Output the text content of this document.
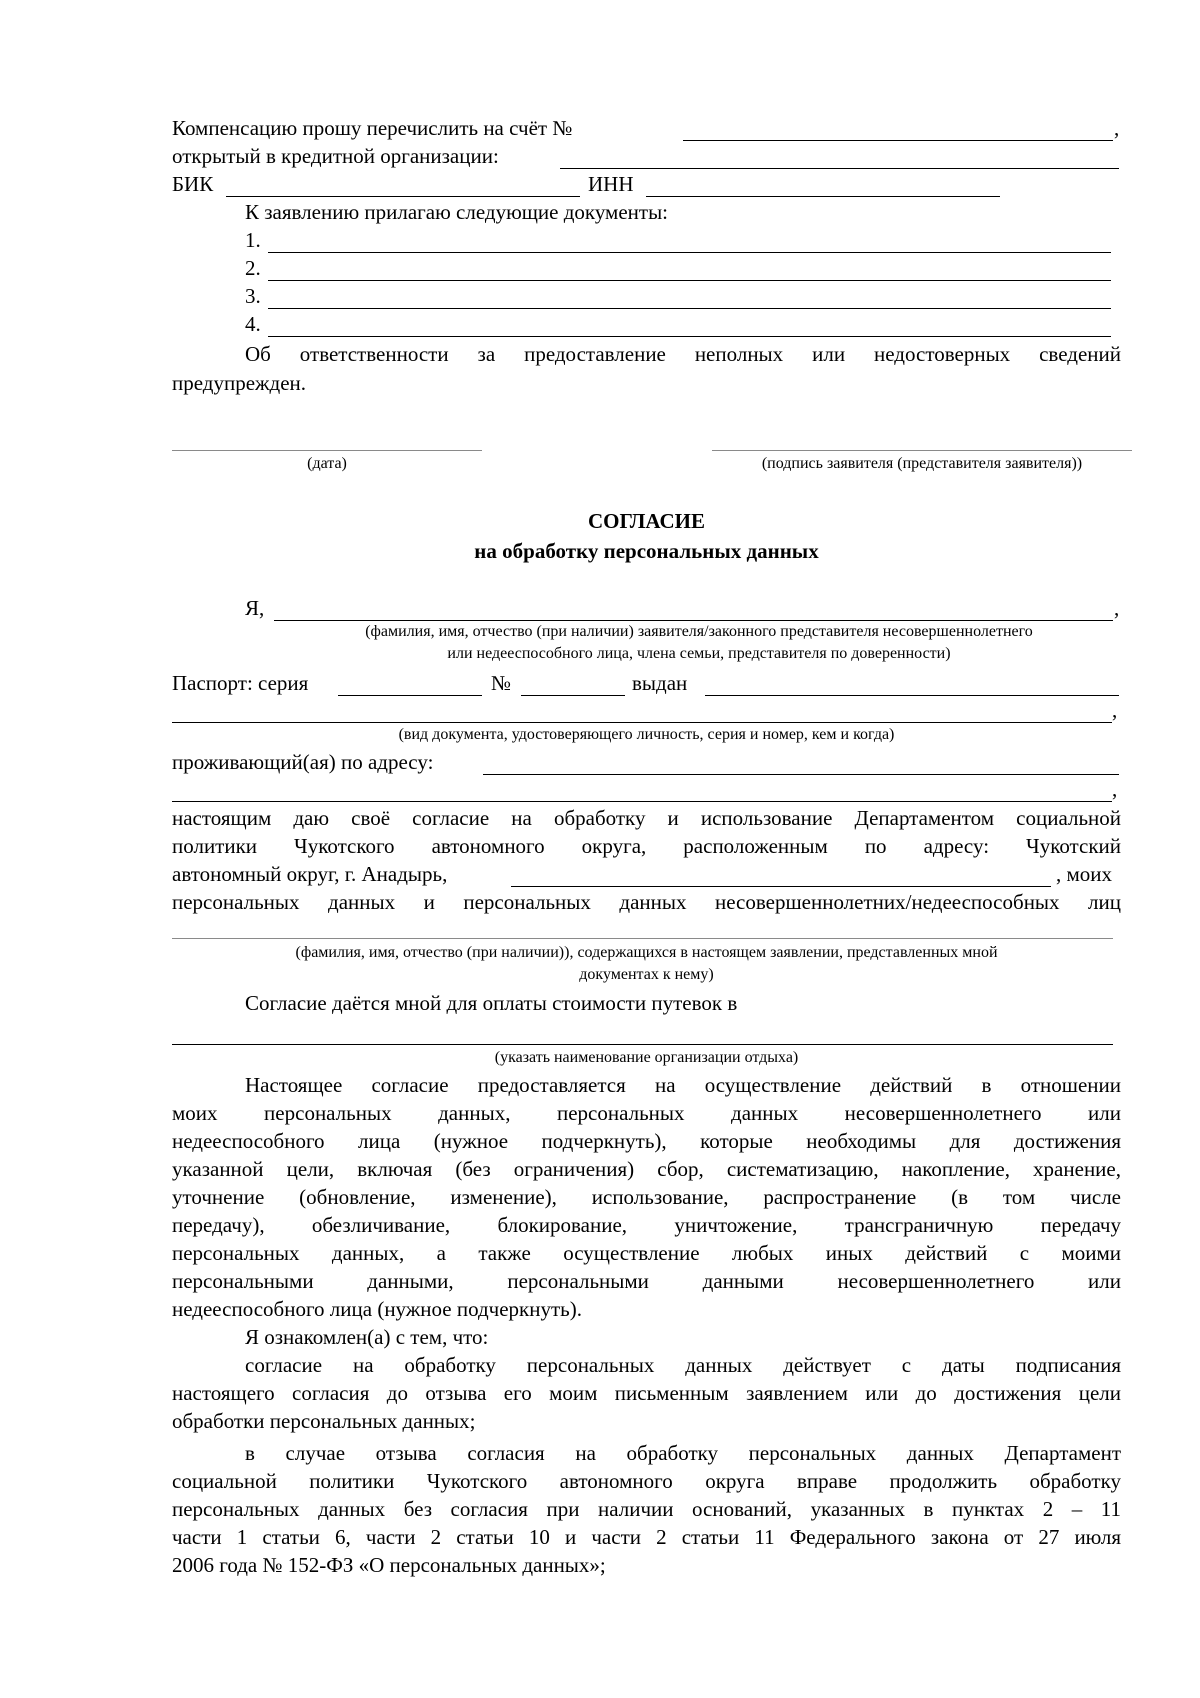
Компенсацию прошу перечислить на счёт №	,
открытый в кредитной организации:
БИК	ИНН
К заявлению прилагаю следующие документы:
1.
2.
3.
4.
Об ответственности за предоставление неполных или недостоверных сведений
предупрежден.
(дата)	(подпись заявителя (представителя заявителя))
СОГЛАСИЕ
на обработку персональных данных
Я,	,
(фамилия, имя, отчество (при наличии) заявителя/законного представителя несовершеннолетнего
или недееспособного лица, члена семьи, представителя по доверенности)
Паспорт: серия	№	выдан
,
(вид документа, удостоверяющего личность, серия и номер, кем и когда)
проживающий(ая) по адресу:
,
настоящим даю своё согласие на обработку и использование Департаментом социальной
политики Чукотского автономного округа, расположенным по адресу: Чукотский
автономный округ, г. Анадырь,	, моих
персональных данных и персональных данных несовершеннолетних/недееспособных лиц
(фамилия, имя, отчество (при наличии)), содержащихся в настоящем заявлении, представленных мной
документах к нему)
Согласие даётся мной для оплаты стоимости путевок в
(указать наименование организации отдыха)
Настоящее согласие предоставляется на осуществление действий в отношении
моих персональных данных, персональных данных несовершеннолетнего или
недееспособного лица (нужное подчеркнуть), которые необходимы для достижения
указанной цели, включая (без ограничения) сбор, систематизацию, накопление, хранение,
уточнение (обновление, изменение), использование, распространение (в том числе
передачу), обезличивание, блокирование, уничтожение, трансграничную передачу
персональных данных, а также осуществление любых иных действий с моими
персональными данными, персональными данными несовершеннолетнего или
недееспособного лица (нужное подчеркнуть).
Я ознакомлен(а) с тем, что:
согласие на обработку персональных данных действует с даты подписания
настоящего согласия до отзыва его моим письменным заявлением или до достижения цели
обработки персональных данных;
в случае отзыва согласия на обработку персональных данных Департамент
социальной политики Чукотского автономного округа вправе продолжить обработку
персональных данных без согласия при наличии оснований, указанных в пунктах 2 – 11
части 1 статьи 6, части 2 статьи 10 и части 2 статьи 11 Федерального закона от 27 июля
2006 года № 152-ФЗ «О персональных данных»;
